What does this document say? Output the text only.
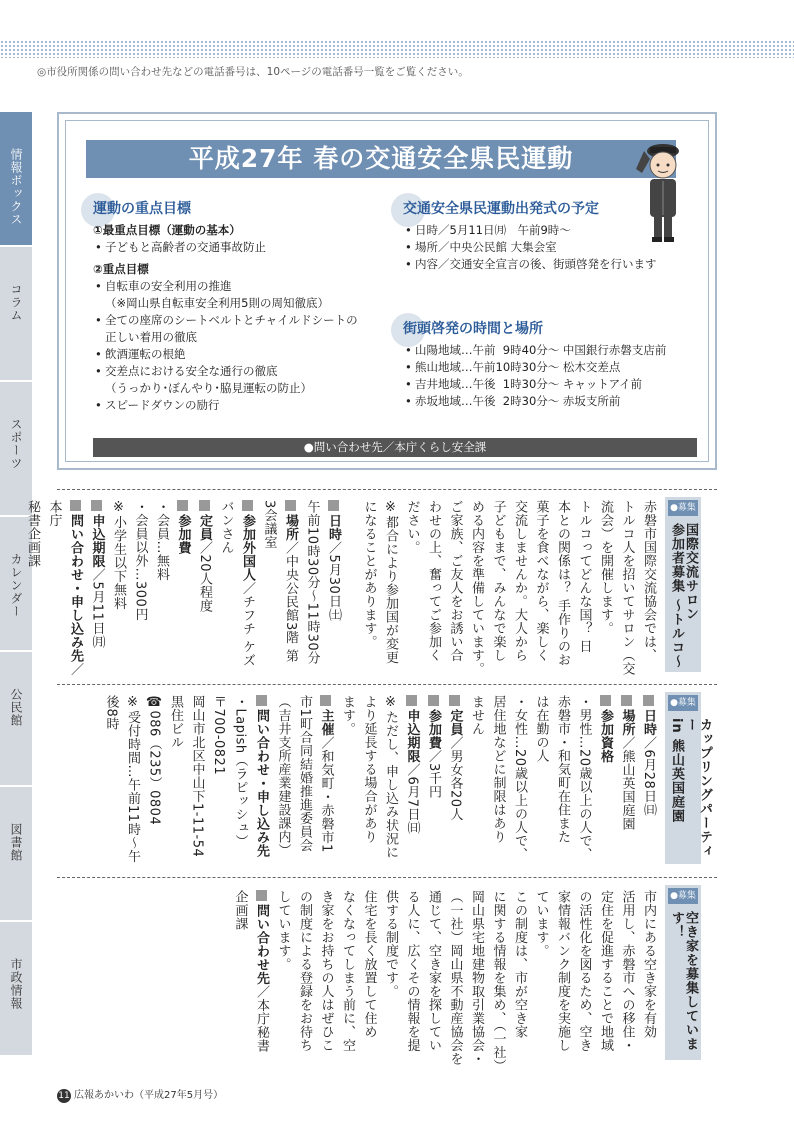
◎市役所関係の問い合わせ先などの電話番号は、10ページの電話番号一覧をご覧ください。
情報ボックス
コラム
スポーツ
カレンダー
公民館
図書館
市政情報
平成27年 春の交通安全県民運動
運動の重点目標
①最重点目標（運動の基本）
• 子どもと高齢者の交通事故防止
②重点目標
• 自転車の安全利用の推進
（※岡山県自転車安全利用5則の周知徹底）
• 全ての座席のシートベルトとチャイルドシートの
正しい着用の徹底
• 飲酒運転の根絶
• 交差点における安全な通行の徹底
（うっかり･ぼんやり･脇見運転の防止）
• スピードダウンの励行
交通安全県民運動出発式の予定
• 日時／5月11日㈪　午前9時〜
• 場所／中央公民館 大集会室
• 内容／交通安全宣言の後、街頭啓発を行います
街頭啓発の時間と場所
• 山陽地域…午前  9時40分〜 中国銀行赤磐支店前
• 熊山地域…午前10時30分〜 松木交差点
• 吉井地域…午後  1時30分〜 キャットアイ前
• 赤坂地域…午後  2時30分〜 赤坂支所前
●問い合わせ先／本庁くらし安全課
●募集
国際交流サロン
参加者募集 〜トルコ〜

赤磐市国際交流協会では、

トルコ人を招いてサロン（交

流会）を開催します。

トルコってどんな国？ 日

本との関係は？ 手作りのお

菓子を食べながら、楽しく

交流しませんか。大人から

子どもまで、みんなで楽し

める内容を準備しています。

ご家族、ご友人をお誘い合

わせの上、奮ってご参加く

ださい。

※都合により参加国が変更

になることがあります。

日時／5月30日㈯

午前10時30分〜11時30分

場所／中央公民館3階 第

3会議室

参加外国人／チフチ ケズ

バンさん

定員／20人程度

参加費

・会員…無料

・会員以外…300円

※小学生以下無料

申込期限／5月11日㈪

問い合わせ・申し込み先／本庁

秘書企画課

●募集
カップリングパーティー
in 熊山英国庭園

日時／6月28日㈰

場所／熊山英国庭園

参加資格

・男性…20歳以上の人で、

赤磐市・和気町在住また

は在勤の人

・女性…20歳以上の人で、

居住地などに制限はあり

ません

定員／男女各20人

参加費／3千円

申込期限／6月7日㈰

※ただし、申し込み状況に

より延長する場合があり

ます。

主催／和気町・赤磐市1

市1町合同結婚推進委員会

（吉井支所産業建設課内）

問い合わせ・申し込み先

・Lapish（ラピッシュ）

〒700-0821

岡山市北区中山下1-11-54

黒住ビル

☎086（235）0804

※受付時間…午前11時〜午

後8時

●募集
空き家を募集しています！

市内にある空き家を有効

活用し、赤磐市への移住・

定住を促進することで地域

の活性化を図るため、空き

家情報バンク制度を実施し

ています。

この制度は、市が空き家

に関する情報を集め、（一社）

岡山県宅地建物取引業協会・

（一社）岡山県不動産協会を

通じて、空き家を探してい

る人に、広くその情報を提

供する制度です。

住宅を長く放置して住め

なくなってしまう前に、空

き家をお持ちの人はぜひこ

の制度による登録をお待ち

しています。

問い合わせ先／本庁秘書

企画課

11 広報あかいわ（平成27年5月号）
